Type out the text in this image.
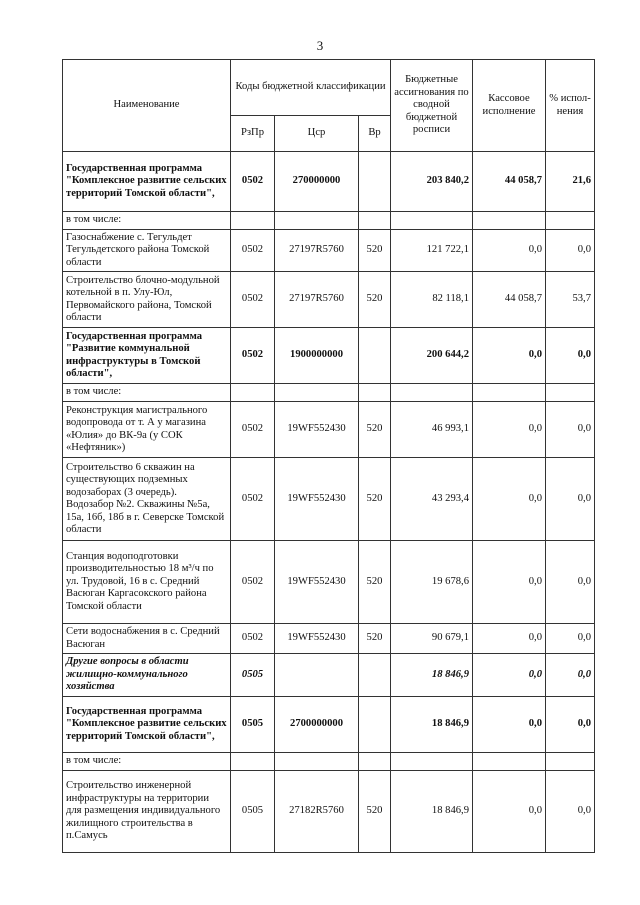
3
Наименование	Коды бюджетной классификации			Бюджетные ассигнования по сводной бюджетной росписи	Кассовое исполнение	% испол-нения
	РзПр	Цср	Вр			
Государственная программа "Комплексное развитие сельских территорий Томской области",	0502	270000000		203 840,2	44 058,7	21,6
в том числе:						
Газоснабжение с. Тегульдет Тегульдетского района Томской области	0502	27197R5760	520	121 722,1	0,0	0,0
Строительство блочно-модульной котельной в п. Улу-Юл, Первомайского района, Томской области	0502	27197R5760	520	82 118,1	44 058,7	53,7
Государственная программа "Развитие коммунальной инфраструктуры в Томской области",	0502	1900000000		200 644,2	0,0	0,0
в том числе:						
Реконструкция магистрального водопровода от т. А у магазина «Юлия» до ВК-9а (у СОК «Нефтяник»)	0502	19WF552430	520	46 993,1	0,0	0,0
Строительство 6 скважин на существующих подземных водозаборах (3 очередь). Водозабор №2. Скважины №5а, 15а, 16б, 18б в г. Северске Томской области	0502	19WF552430	520	43 293,4	0,0	0,0
Станция водоподготовки производительностью 18 м³/ч по ул. Трудовой, 16 в с. Средний Васюган Каргасокского района Томской области	0502	19WF552430	520	19 678,6	0,0	0,0
Сети водоснабжения в с. Средний Васюган	0502	19WF552430	520	90 679,1	0,0	0,0
Другие вопросы в области жилищно-коммунального хозяйства	0505			18 846,9	0,0	0,0
Государственная программа "Комплексное развитие сельских территорий Томской области",	0505	2700000000		18 846,9	0,0	0,0
в том числе:						
Строительство инженерной инфраструктуры на территории для размещения индивидуального жилищного строительства в п.Самусь	0505	27182R5760	520	18 846,9	0,0	0,0
